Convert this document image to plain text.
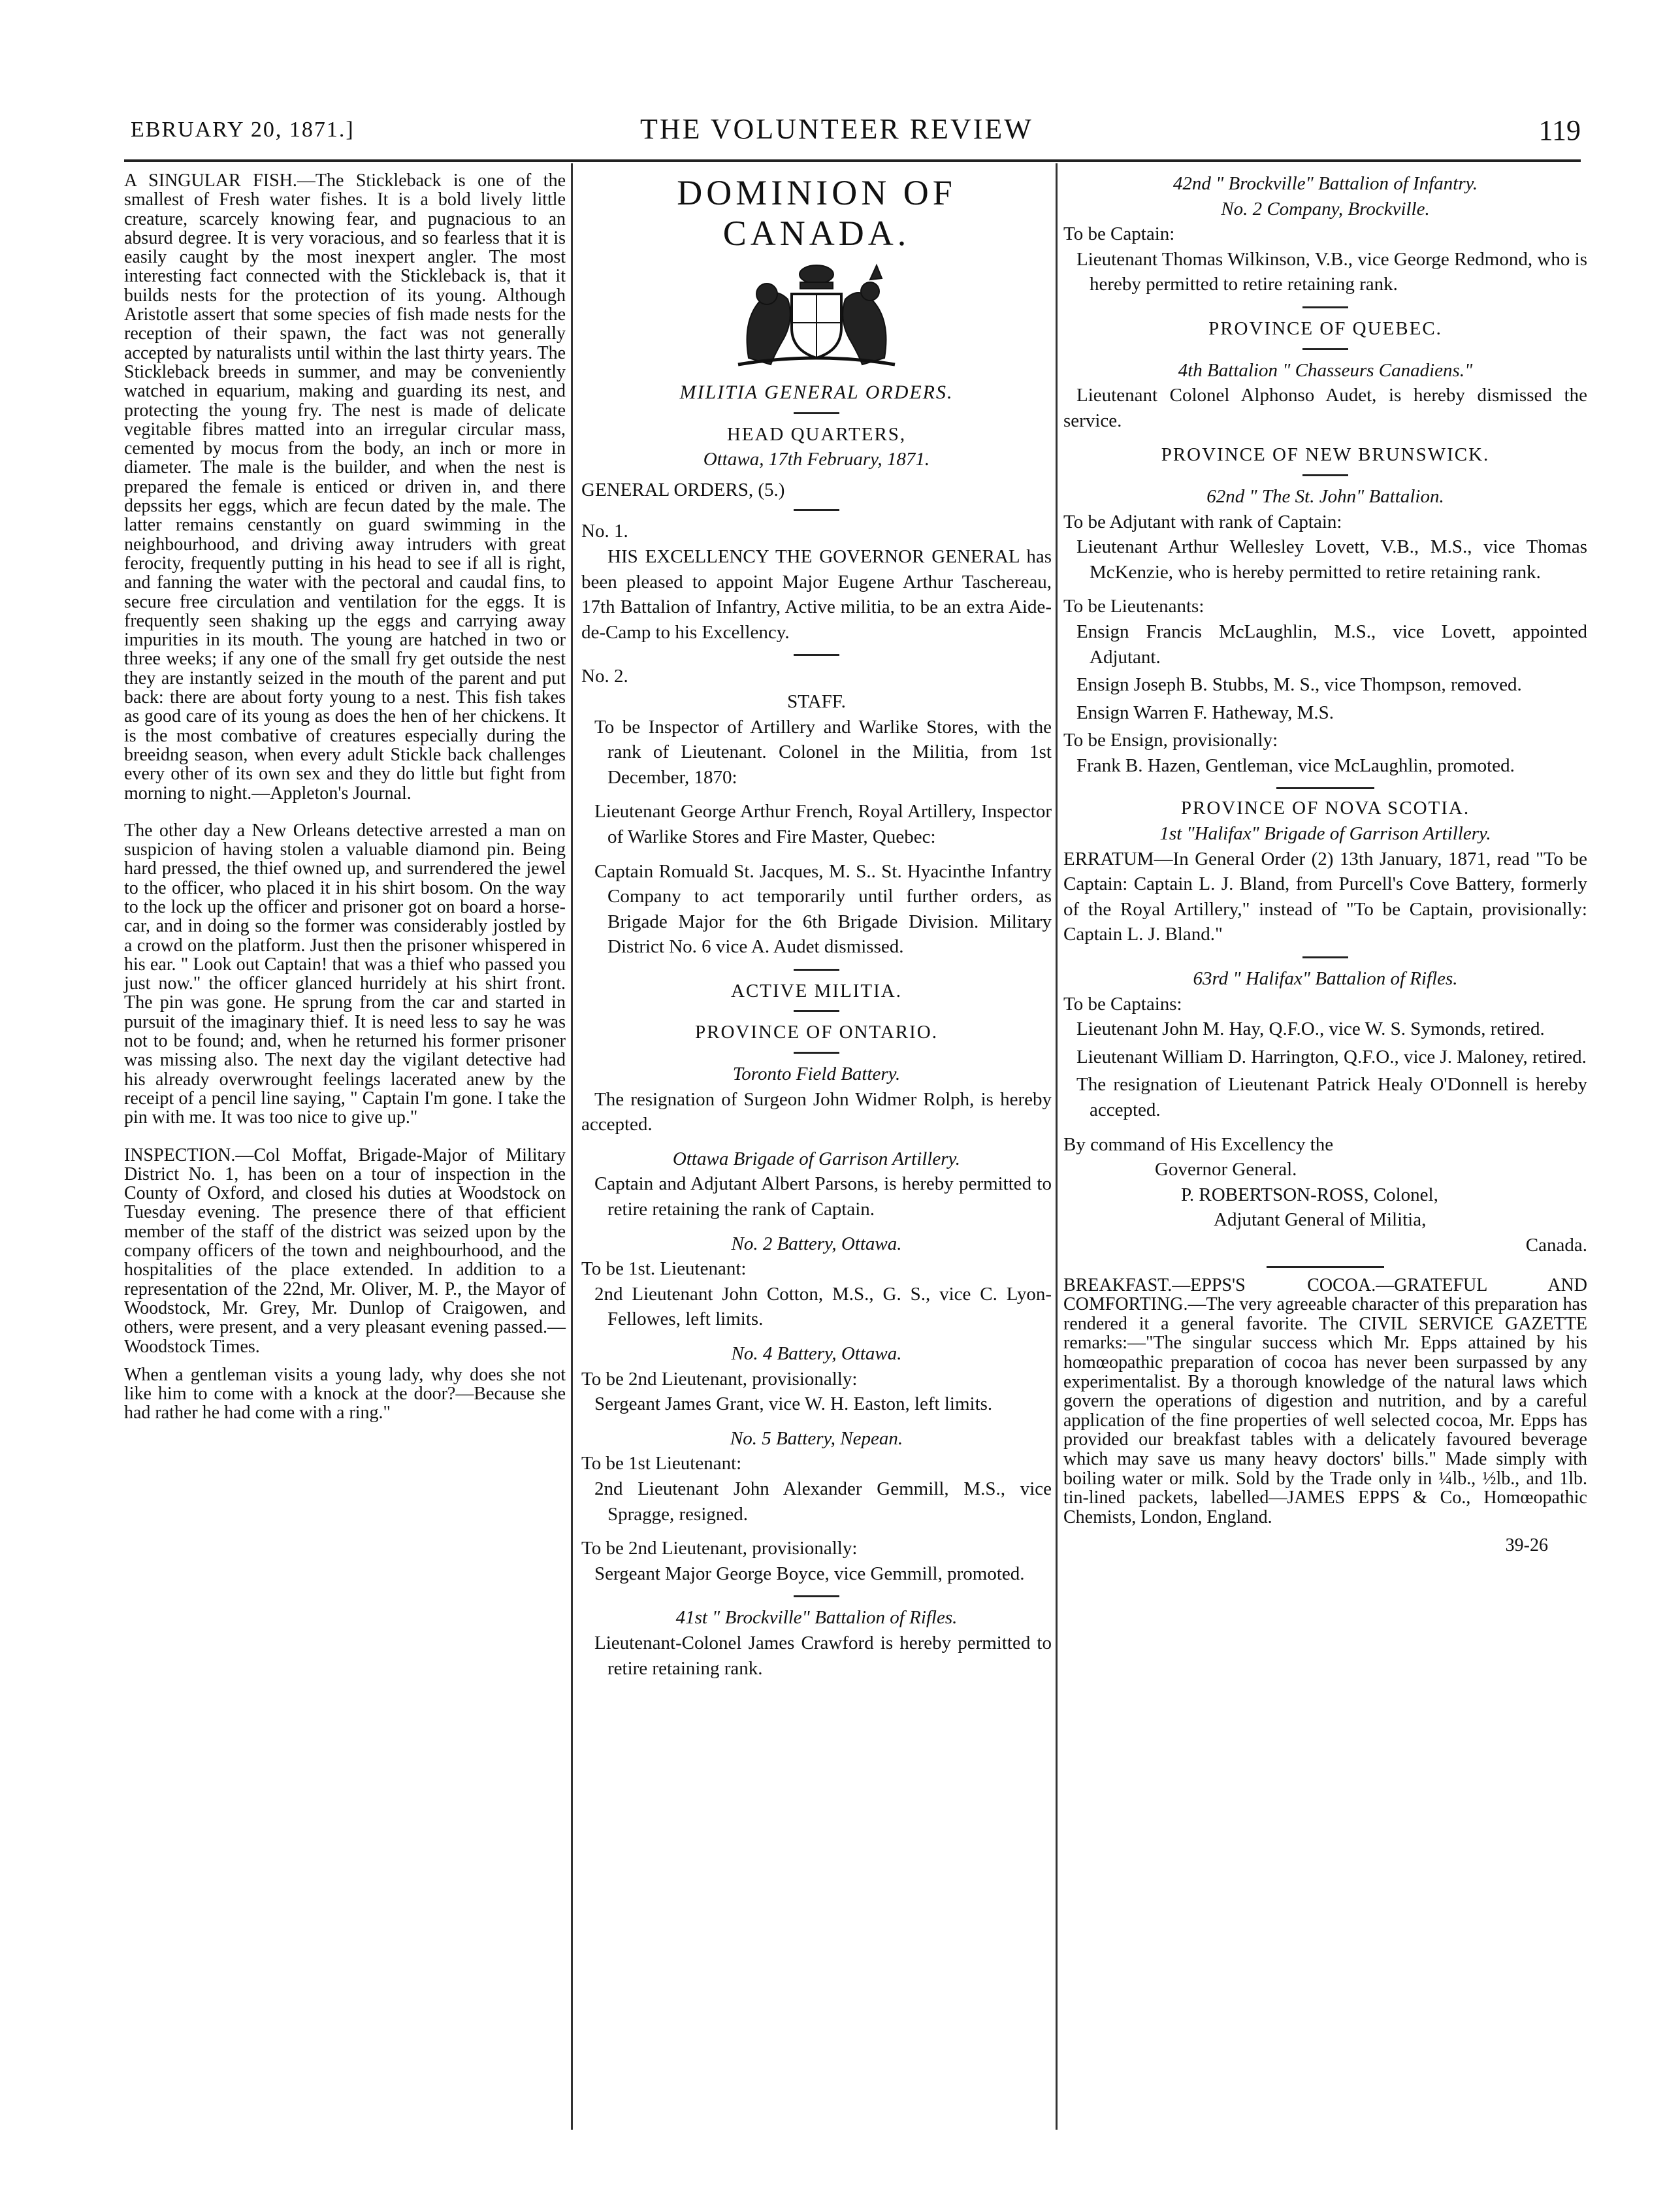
EBRUARY 20, 1871.]	THE VOLUNTEER REVIEW	119

A SINGULAR FISH.—The Stickleback is one of the smallest of Fresh water fishes. It is a bold lively little creature, scarcely knowing fear, and pugnacious to an absurd degree. It is very voracious, and so fearless that it is easily caught by the most inexpert angler. The most interesting fact connected with the Stickleback is, that it builds nests for the protection of its young. Although Aristotle assert that some species of fish made nests for the reception of their spawn, the fact was not generally accepted by naturalists until within the last thirty years. The Stickleback breeds in summer, and may be conveniently watched in equarium, making and guarding its nest, and protecting the young fry. The nest is made of delicate vegitable fibres matted into an irregular circular mass, cemented by mocus from the body, an inch or more in diameter. The male is the builder, and when the nest is prepared the female is enticed or driven in, and there depssits her eggs, which are fecun dated by the male. The latter remains censtantly on guard swimming in the neighbourhood, and driving away intruders with great ferocity, frequently putting in his head to see if all is right, and fanning the water with the pectoral and caudal fins, to secure free circulation and ventilation for the eggs. It is frequently seen shaking up the eggs and carrying away impurities in its mouth. The young are hatched in two or three weeks; if any one of the small fry get outside the nest they are instantly seized in the mouth of the parent and put back: there are about forty young to a nest. This fish takes as good care of its young as does the hen of her chickens. It is the most combative of creatures especially during the breeidng season, when every adult Stickle back challenges every other of its own sex and they do little but fight from morning to night.—Appleton's Journal.

The other day a New Orleans detective arrested a man on suspicion of having stolen a valuable diamond pin. Being hard pressed, the thief owned up, and surrendered the jewel to the officer, who placed it in his shirt bosom. On the way to the lock up the officer and prisoner got on board a horse-car, and in doing so the former was considerably jostled by a crowd on the platform. Just then the prisoner whispered in his ear. " Look out Captain! that was a thief who passed you just now." the officer glanced hurridely at his shirt front. The pin was gone. He sprung from the car and started in pursuit of the imaginary thief. It is need less to say he was not to be found; and, when he returned his former prisoner was missing also. The next day the vigilant detective had his already overwrought feelings lacerated anew by the receipt of a pencil line saying, " Captain I'm gone. I take the pin with me. It was too nice to give up."

INSPECTION.—Col Moffat, Brigade-Major of Military District No. 1, has been on a tour of inspection in the County of Oxford, and closed his duties at Woodstock on Tuesday evening. The presence there of that efficient member of the staff of the district was seized upon by the company officers of the town and neighbourhood, and the hospitalities of the place extended. In addition to a representation of the 22nd, Mr. Oliver, M. P., the Mayor of Woodstock, Mr. Grey, Mr. Dunlop of Craigowen, and others, were present, and a very pleasant evening passed.—Woodstock Times.

When a gentleman visits a young lady, why does she not like him to come with a knock at the door?—Because she had rather he had come with a ring."

DOMINION OF CANADA.
MILITIA GENERAL ORDERS.
HEAD QUARTERS,
Ottawa, 17th February, 1871.
GENERAL ORDERS, (5.)
No. 1.

HIS EXCELLENCY THE GOVERNOR GENERAL has been pleased to appoint Major Eugene Arthur Taschereau, 17th Battalion of Infantry, Active militia, to be an extra Aide-de-Camp to his Excellency.

No. 2.
STAFF.

To be Inspector of Artillery and Warlike Stores, with the rank of Lieutenant. Colonel in the Militia, from 1st December, 1870:

Lieutenant George Arthur French, Royal Artillery, Inspector of Warlike Stores and Fire Master, Quebec:

Captain Romuald St. Jacques, M. S.. St. Hyacinthe Infantry Company to act temporarily until further orders, as Brigade Major for the 6th Brigade Division. Military District No. 6 vice A. Audet dismissed.

ACTIVE MILITIA.
PROVINCE OF ONTARIO.
Toronto Field Battery.

The resignation of Surgeon John Widmer Rolph, is hereby accepted.

Ottawa Brigade of Garrison Artillery.

Captain and Adjutant Albert Parsons, is hereby permitted to retire retaining the rank of Captain.

No. 2 Battery, Ottawa.
To be 1st. Lieutenant:

2nd Lieutenant John Cotton, M.S., G. S., vice C. Lyon-Fellowes, left limits.

No. 4 Battery, Ottawa.
To be 2nd Lieutenant, provisionally:

Sergeant James Grant, vice W. H. Easton, left limits.

No. 5 Battery, Nepean.
To be 1st Lieutenant:

2nd Lieutenant John Alexander Gemmill, M.S., vice Spragge, resigned.

To be 2nd Lieutenant, provisionally:

Sergeant Major George Boyce, vice Gemmill, promoted.

41st " Brockville" Battalion of Rifles.

Lieutenant-Colonel James Crawford is hereby permitted to retire retaining rank.

42nd " Brockville" Battalion of Infantry.
No. 2 Company, Brockville.
To be Captain:

Lieutenant Thomas Wilkinson, V.B., vice George Redmond, who is hereby permitted to retire retaining rank.

PROVINCE OF QUEBEC.
4th Battalion " Chasseurs Canadiens."

Lieutenant Colonel Alphonso Audet, is hereby dismissed the service.

PROVINCE OF NEW BRUNSWICK.
62nd " The St. John" Battalion.
To be Adjutant with rank of Captain:

Lieutenant Arthur Wellesley Lovett, V.B., M.S., vice Thomas McKenzie, who is hereby permitted to retire retaining rank.

To be Lieutenants:

Ensign Francis McLaughlin, M.S., vice Lovett, appointed Adjutant.

Ensign Joseph B. Stubbs, M. S., vice Thompson, removed.

Ensign Warren F. Hatheway, M.S.

To be Ensign, provisionally:

Frank B. Hazen, Gentleman, vice McLaughlin, promoted.

PROVINCE OF NOVA SCOTIA.
1st "Halifax" Brigade of Garrison Artillery.

ERRATUM—In General Order (2) 13th January, 1871, read "To be Captain: Captain L. J. Bland, from Purcell's Cove Battery, formerly of the Royal Artillery," instead of "To be Captain, provisionally: Captain L. J. Bland."

63rd " Halifax" Battalion of Rifles.
To be Captains:

Lieutenant John M. Hay, Q.F.O., vice W. S. Symonds, retired.

Lieutenant William D. Harrington, Q.F.O., vice J. Maloney, retired.

The resignation of Lieutenant Patrick Healy O'Donnell is hereby accepted.

By command of His Excellency the
Governor General.
P. ROBERTSON-ROSS, Colonel,
Adjutant General of Militia,
Canada.

BREAKFAST.—EPPS'S COCOA.—GRATEFUL AND COMFORTING.—The very agreeable character of this preparation has rendered it a general favorite. The CIVIL SERVICE GAZETTE remarks:—"The singular success which Mr. Epps attained by his homœopathic preparation of cocoa has never been surpassed by any experimentalist. By a thorough knowledge of the natural laws which govern the operations of digestion and nutrition, and by a careful application of the fine properties of well selected cocoa, Mr. Epps has provided our breakfast tables with a delicately favoured beverage which may save us many heavy doctors' bills." Made simply with boiling water or milk. Sold by the Trade only in ¼lb., ½lb., and 1lb. tin-lined packets, labelled—JAMES EPPS & Co., Homœopathic Chemists, London, England.

39-26
